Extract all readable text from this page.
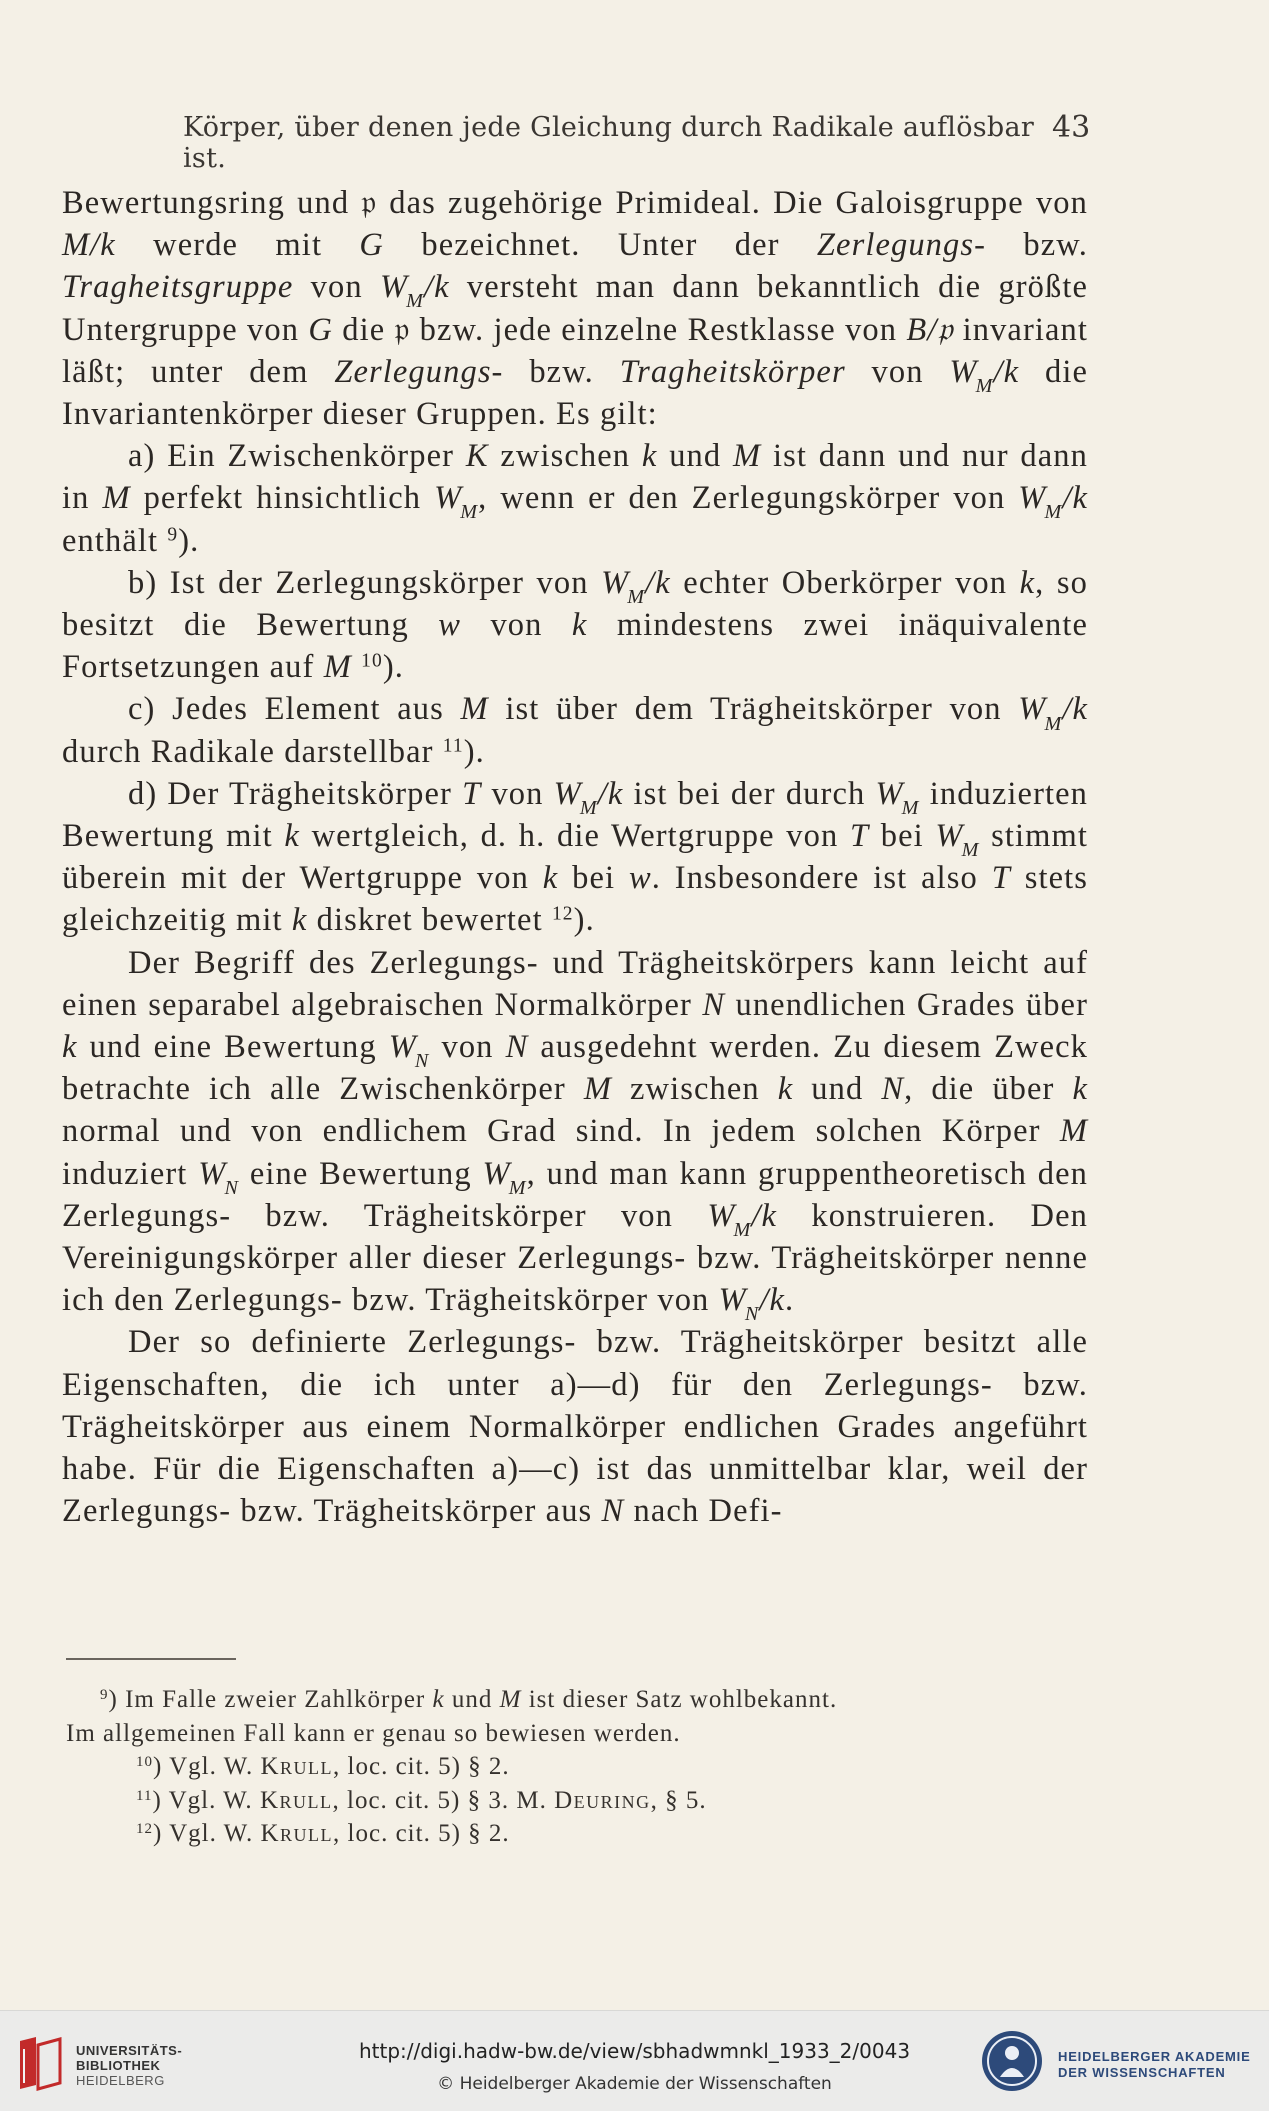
Körper, über denen jede Gleichung durch Radikale auflösbar ist.
43

Bewertungsring und 𝔭 das zugehörige Primideal. Die Galoisgruppe von M/k werde mit G bezeichnet. Unter der Zerlegungs- bzw. Tragheitsgruppe von $W_M/k$ versteht man dann bekanntlich die größte Untergruppe von G die 𝔭 bzw. jede einzelne Restklasse von B/𝔭 invariant läßt; unter dem Zerlegungs- bzw. Tragheitskörper von $W_M/k$ die Invariantenkörper dieser Gruppen. Es gilt:

a) Ein Zwischenkörper K zwischen k und M ist dann und nur dann in M perfekt hinsichtlich $W_M$, wenn er den Zerlegungskörper von $W_M/k$ enthält $^9$).

b) Ist der Zerlegungskörper von $W_M/k$ echter Oberkörper von k, so besitzt die Bewertung w von k mindestens zwei inäquivalente Fortsetzungen auf M $^{10}$).

c) Jedes Element aus M ist über dem Trägheitskörper von $W_M/k$ durch Radikale darstellbar $^{11}$).

d) Der Trägheitskörper T von $W_M/k$ ist bei der durch $W_M$ induzierten Bewertung mit k wertgleich, d. h. die Wertgruppe von T bei $W_M$ stimmt überein mit der Wertgruppe von k bei w. Insbesondere ist also T stets gleichzeitig mit k diskret bewertet $^{12}$).

Der Begriff des Zerlegungs- und Trägheitskörpers kann leicht auf einen separabel algebraischen Normalkörper N unendlichen Grades über k und eine Bewertung $W_N$ von N ausgedehnt werden. Zu diesem Zweck betrachte ich alle Zwischenkörper M zwischen k und N, die über k normal und von endlichem Grad sind. In jedem solchen Körper M induziert $W_N$ eine Bewertung $W_M$, und man kann gruppentheoretisch den Zerlegungs- bzw. Trägheitskörper von $W_M/k$ konstruieren. Den Vereinigungskörper aller dieser Zerlegungs- bzw. Trägheitskörper nenne ich den Zerlegungs- bzw. Trägheitskörper von $W_N/k$.

Der so definierte Zerlegungs- bzw. Trägheitskörper besitzt alle Eigenschaften, die ich unter a)—d) für den Zerlegungs- bzw. Trägheitskörper aus einem Normalkörper endlichen Grades angeführt habe. Für die Eigenschaften a)—c) ist das unmittelbar klar, weil der Zerlegungs- bzw. Trägheitskörper aus N nach Defi-

$^9$) Im Falle zweier Zahlkörper k und M ist dieser Satz wohlbekannt.
Im allgemeinen Fall kann er genau so bewiesen werden.
$^{10}$) Vgl. W. Krull, loc. cit. 5) § 2.
$^{11}$) Vgl. W. Krull, loc. cit. 5) § 3. M. Deuring, § 5.
$^{12}$) Vgl. W. Krull, loc. cit. 5) § 2.
UNIVERSITÄTS-
BIBLIOTHEK
HEIDELBERG
http://digi.hadw-bw.de/view/sbhadwmnkl_1933_2/0043
© Heidelberger Akademie der Wissenschaften
HEIDELBERGER AKADEMIE
DER WISSENSCHAFTEN
